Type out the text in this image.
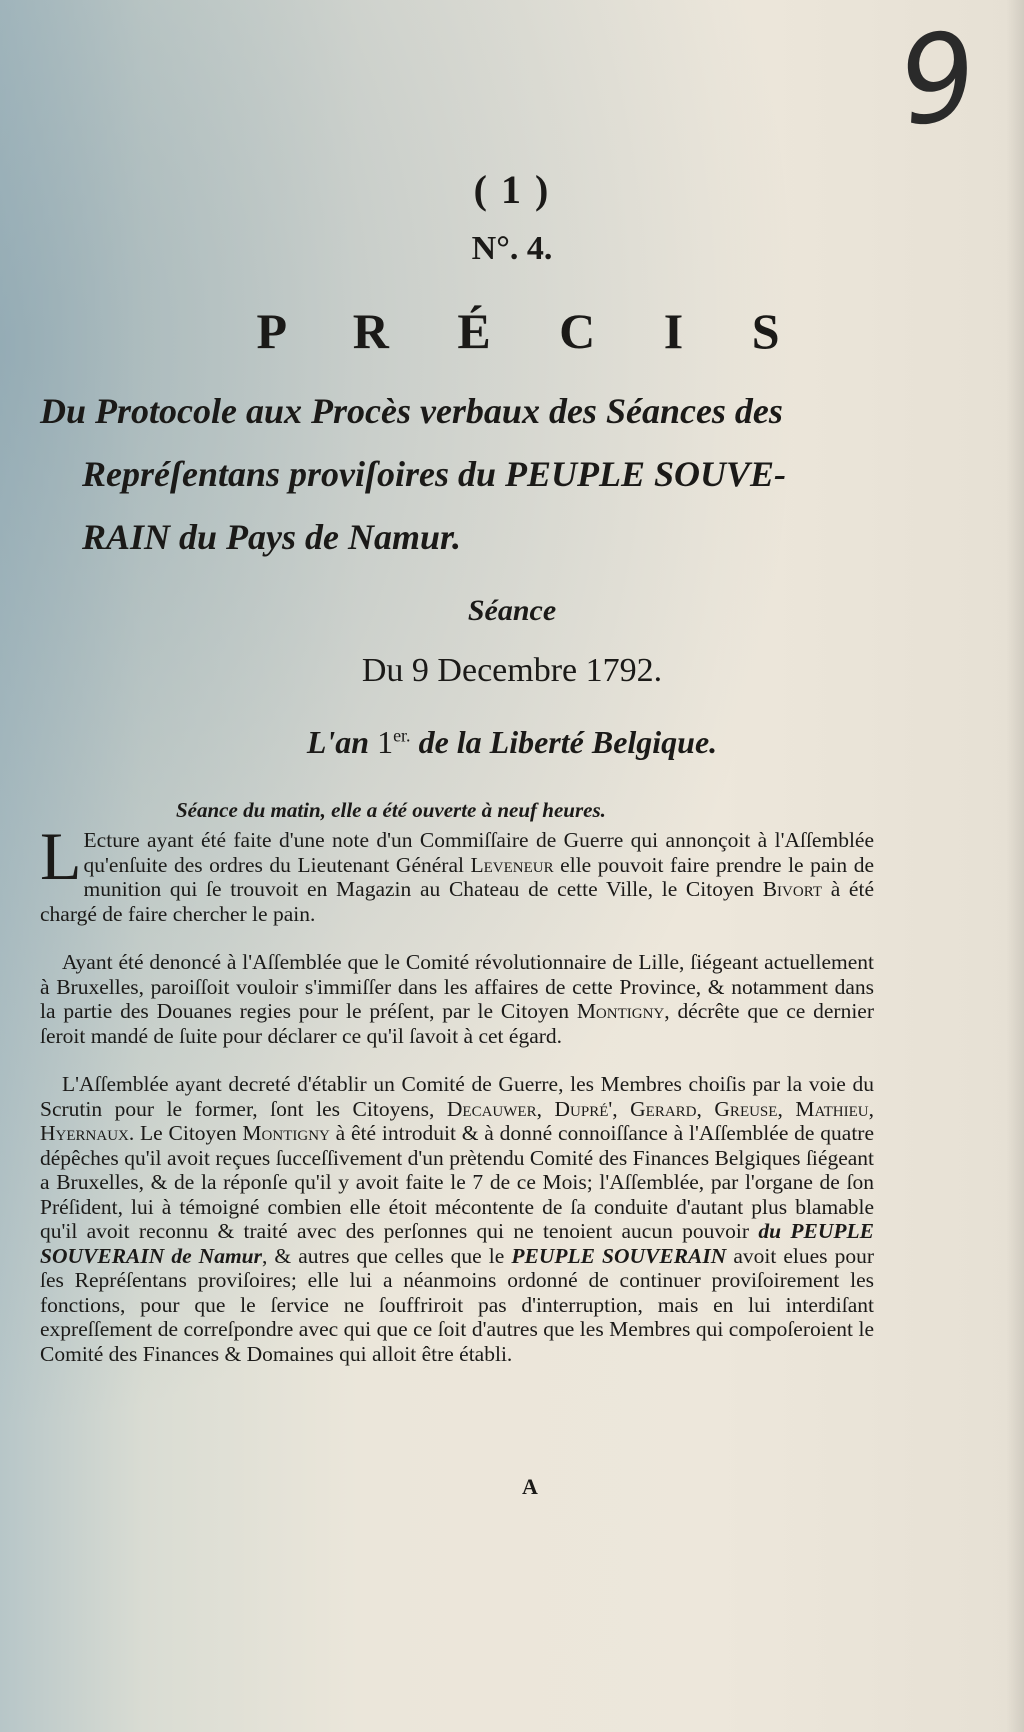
9
( 1 )
N°. 4.
P R É C I S
Du Protocole aux Procès verbaux des Séances des
Repréſentans proviſoires du PEUPLE SOUVE-
RAIN du Pays de Namur.
Séance
Du 9 Decembre 1792.
L'an $1^{er.}$ de la Liberté Belgique.
Séance du matin, elle a été ouverte à neuf heures.

L Ecture ayant été faite d'une note d'un Commiſſaire de Guerre qui annonçoit à l'Aſſemblée qu'enſuite des ordres du Lieutenant Général Leveneur elle pouvoit faire prendre le pain de munition qui ſe trouvoit en Magazin au Chateau de cette Ville, le Citoyen Bivort à été chargé de faire chercher le pain.

Ayant été denoncé à l'Aſſemblée que le Comité révolutionnaire de Lille, ſiégeant actuellement à Bruxelles, paroiſſoit vouloir s'immiſſer dans les affaires de cette Province, & notamment dans la partie des Douanes regies pour le préſent, par le Citoyen Montigny, décrête que ce dernier ſeroit mandé de ſuite pour déclarer ce qu'il ſavoit à cet égard.

L'Aſſemblée ayant decreté d'établir un Comité de Guerre, les Membres choiſis par la voie du Scrutin pour le former, ſont les Citoyens, Decauwer, Dupré', Gerard, Greuse, Mathieu, Hyernaux. Le Citoyen Montigny à êté introduit & à donné connoiſſance à l'Aſſemblée de quatre dépêches qu'il avoit reçues ſucceſſivement d'un prètendu Comité des Finances Belgiques ſiégeant a Bruxelles, & de la réponſe qu'il y avoit faite le 7 de ce Mois; l'Aſſemblée, par l'organe de ſon Préſident, lui à témoigné combien elle étoit mécontente de ſa conduite d'autant plus blamable qu'il avoit reconnu & traité avec des perſonnes qui ne tenoient aucun pouvoir du PEUPLE SOUVERAIN de Namur, & autres que celles que le PEUPLE SOUVERAIN avoit elues pour ſes Repréſentans proviſoires; elle lui a néanmoins ordonné de continuer proviſoirement les fonctions, pour que le ſervice ne ſouffriroit pas d'interruption, mais en lui interdiſant expreſſement de correſpondre avec qui que ce ſoit d'autres que les Membres qui compoſeroient le Comité des Finances & Domaines qui alloit être établi.

A
